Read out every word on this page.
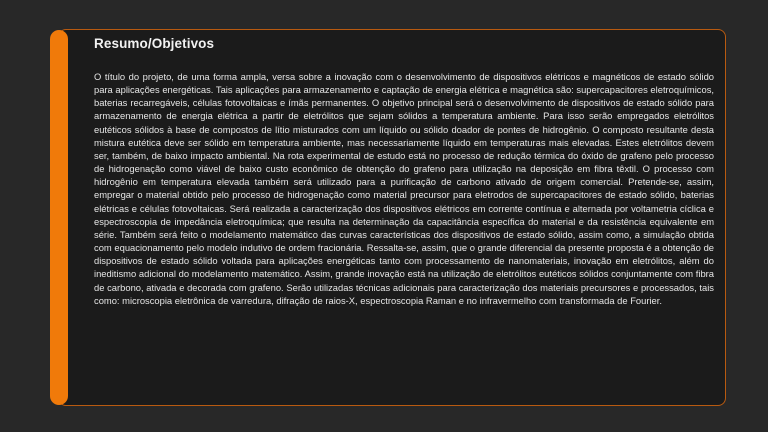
Resumo/Objetivos
O título do projeto, de uma forma ampla, versa sobre a inovação com o desenvolvimento de dispositivos elétricos e magnéticos de estado sólido para aplicações energéticas. Tais aplicações para armazenamento e captação de energia elétrica e magnética são: supercapacitores eletroquímicos, baterias recarregáveis, células fotovoltaicas e ímãs permanentes. O objetivo principal será o desenvolvimento de dispositivos de estado sólido para armazenamento de energia elétrica a partir de eletrólitos que sejam sólidos a temperatura ambiente. Para isso serão empregados eletrólitos eutéticos sólidos à base de compostos de lítio misturados com um líquido ou sólido doador de pontes de hidrogênio. O composto resultante desta mistura eutética deve ser sólido em temperatura ambiente, mas necessariamente líquido em temperaturas mais elevadas. Estes eletrólitos devem ser, também, de baixo impacto ambiental. Na rota experimental de estudo está no processo de redução térmica do óxido de grafeno pelo processo de hidrogenação como viável de baixo custo econômico de obtenção do grafeno para utilização na deposição em fibra têxtil. O processo com hidrogênio em temperatura elevada também será utilizado para a purificação de carbono ativado de origem comercial. Pretende-se, assim, empregar o material obtido pelo processo de hidrogenação como material precursor para eletrodos de supercapacitores de estado sólido, baterias elétricas e células fotovoltaicas. Será realizada a caracterização dos dispositivos elétricos em corrente contínua e alternada por voltametria cíclica e espectroscopia de impedância eletroquímica; que resulta na determinação da capacitância específica do material e da resistência equivalente em série. Também será feito o modelamento matemático das curvas características dos dispositivos de estado sólido, assim como, a simulação obtida com equacionamento pelo modelo indutivo de ordem fracionária. Ressalta-se, assim, que o grande diferencial da presente proposta é a obtenção de dispositivos de estado sólido voltada para aplicações energéticas tanto com processamento de nanomateriais, inovação em eletrólitos, além do ineditismo adicional do modelamento matemático. Assim, grande inovação está na utilização de eletrólitos eutéticos sólidos conjuntamente com fibra de carbono, ativada e decorada com grafeno. Serão utilizadas técnicas adicionais para caracterização dos materiais precursores e processados, tais como: microscopia eletrônica de varredura, difração de raios-X, espectroscopia Raman e no infravermelho com transformada de Fourier.
